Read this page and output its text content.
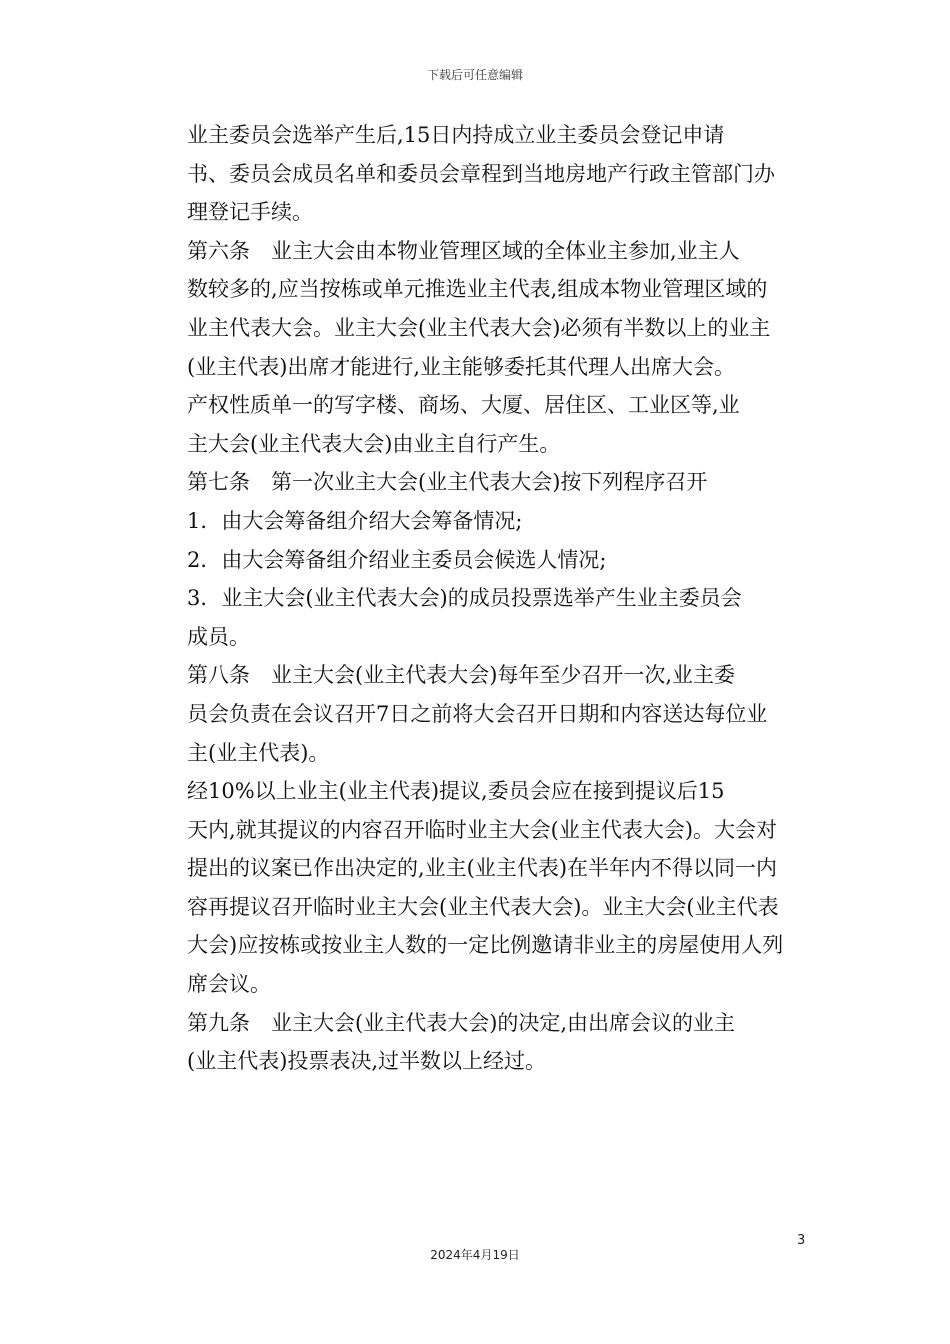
下载后可任意编辑

业主委员会选举产生后,15日内持成立业主委员会登记申请
书、委员会成员名单和委员会章程到当地房地产行政主管部门办
理登记手续。

第六条　业主大会由本物业管理区域的全体业主参加,业主人
数较多的,应当按栋或单元推选业主代表,组成本物业管理区域的
业主代表大会。业主大会(业主代表大会)必须有半数以上的业主
(业主代表)出席才能进行,业主能够委托其代理人出席大会。

产权性质单一的写字楼、商场、大厦、居住区、工业区等,业
主大会(业主代表大会)由业主自行产生。

第七条　第一次业主大会(业主代表大会)按下列程序召开

1．由大会筹备组介绍大会筹备情况;

2．由大会筹备组介绍业主委员会候选人情况;

3．业主大会(业主代表大会)的成员投票选举产生业主委员会
成员。

第八条　业主大会(业主代表大会)每年至少召开一次,业主委
员会负责在会议召开7日之前将大会召开日期和内容送达每位业
主(业主代表)。

经10%以上业主(业主代表)提议,委员会应在接到提议后15
天内,就其提议的内容召开临时业主大会(业主代表大会)。大会对
提出的议案已作出决定的,业主(业主代表)在半年内不得以同一内
容再提议召开临时业主大会(业主代表大会)。业主大会(业主代表
大会)应按栋或按业主人数的一定比例邀请非业主的房屋使用人列
席会议。

第九条　业主大会(业主代表大会)的决定,由出席会议的业主
(业主代表)投票表决,过半数以上经过。

3
2024年4月19日
